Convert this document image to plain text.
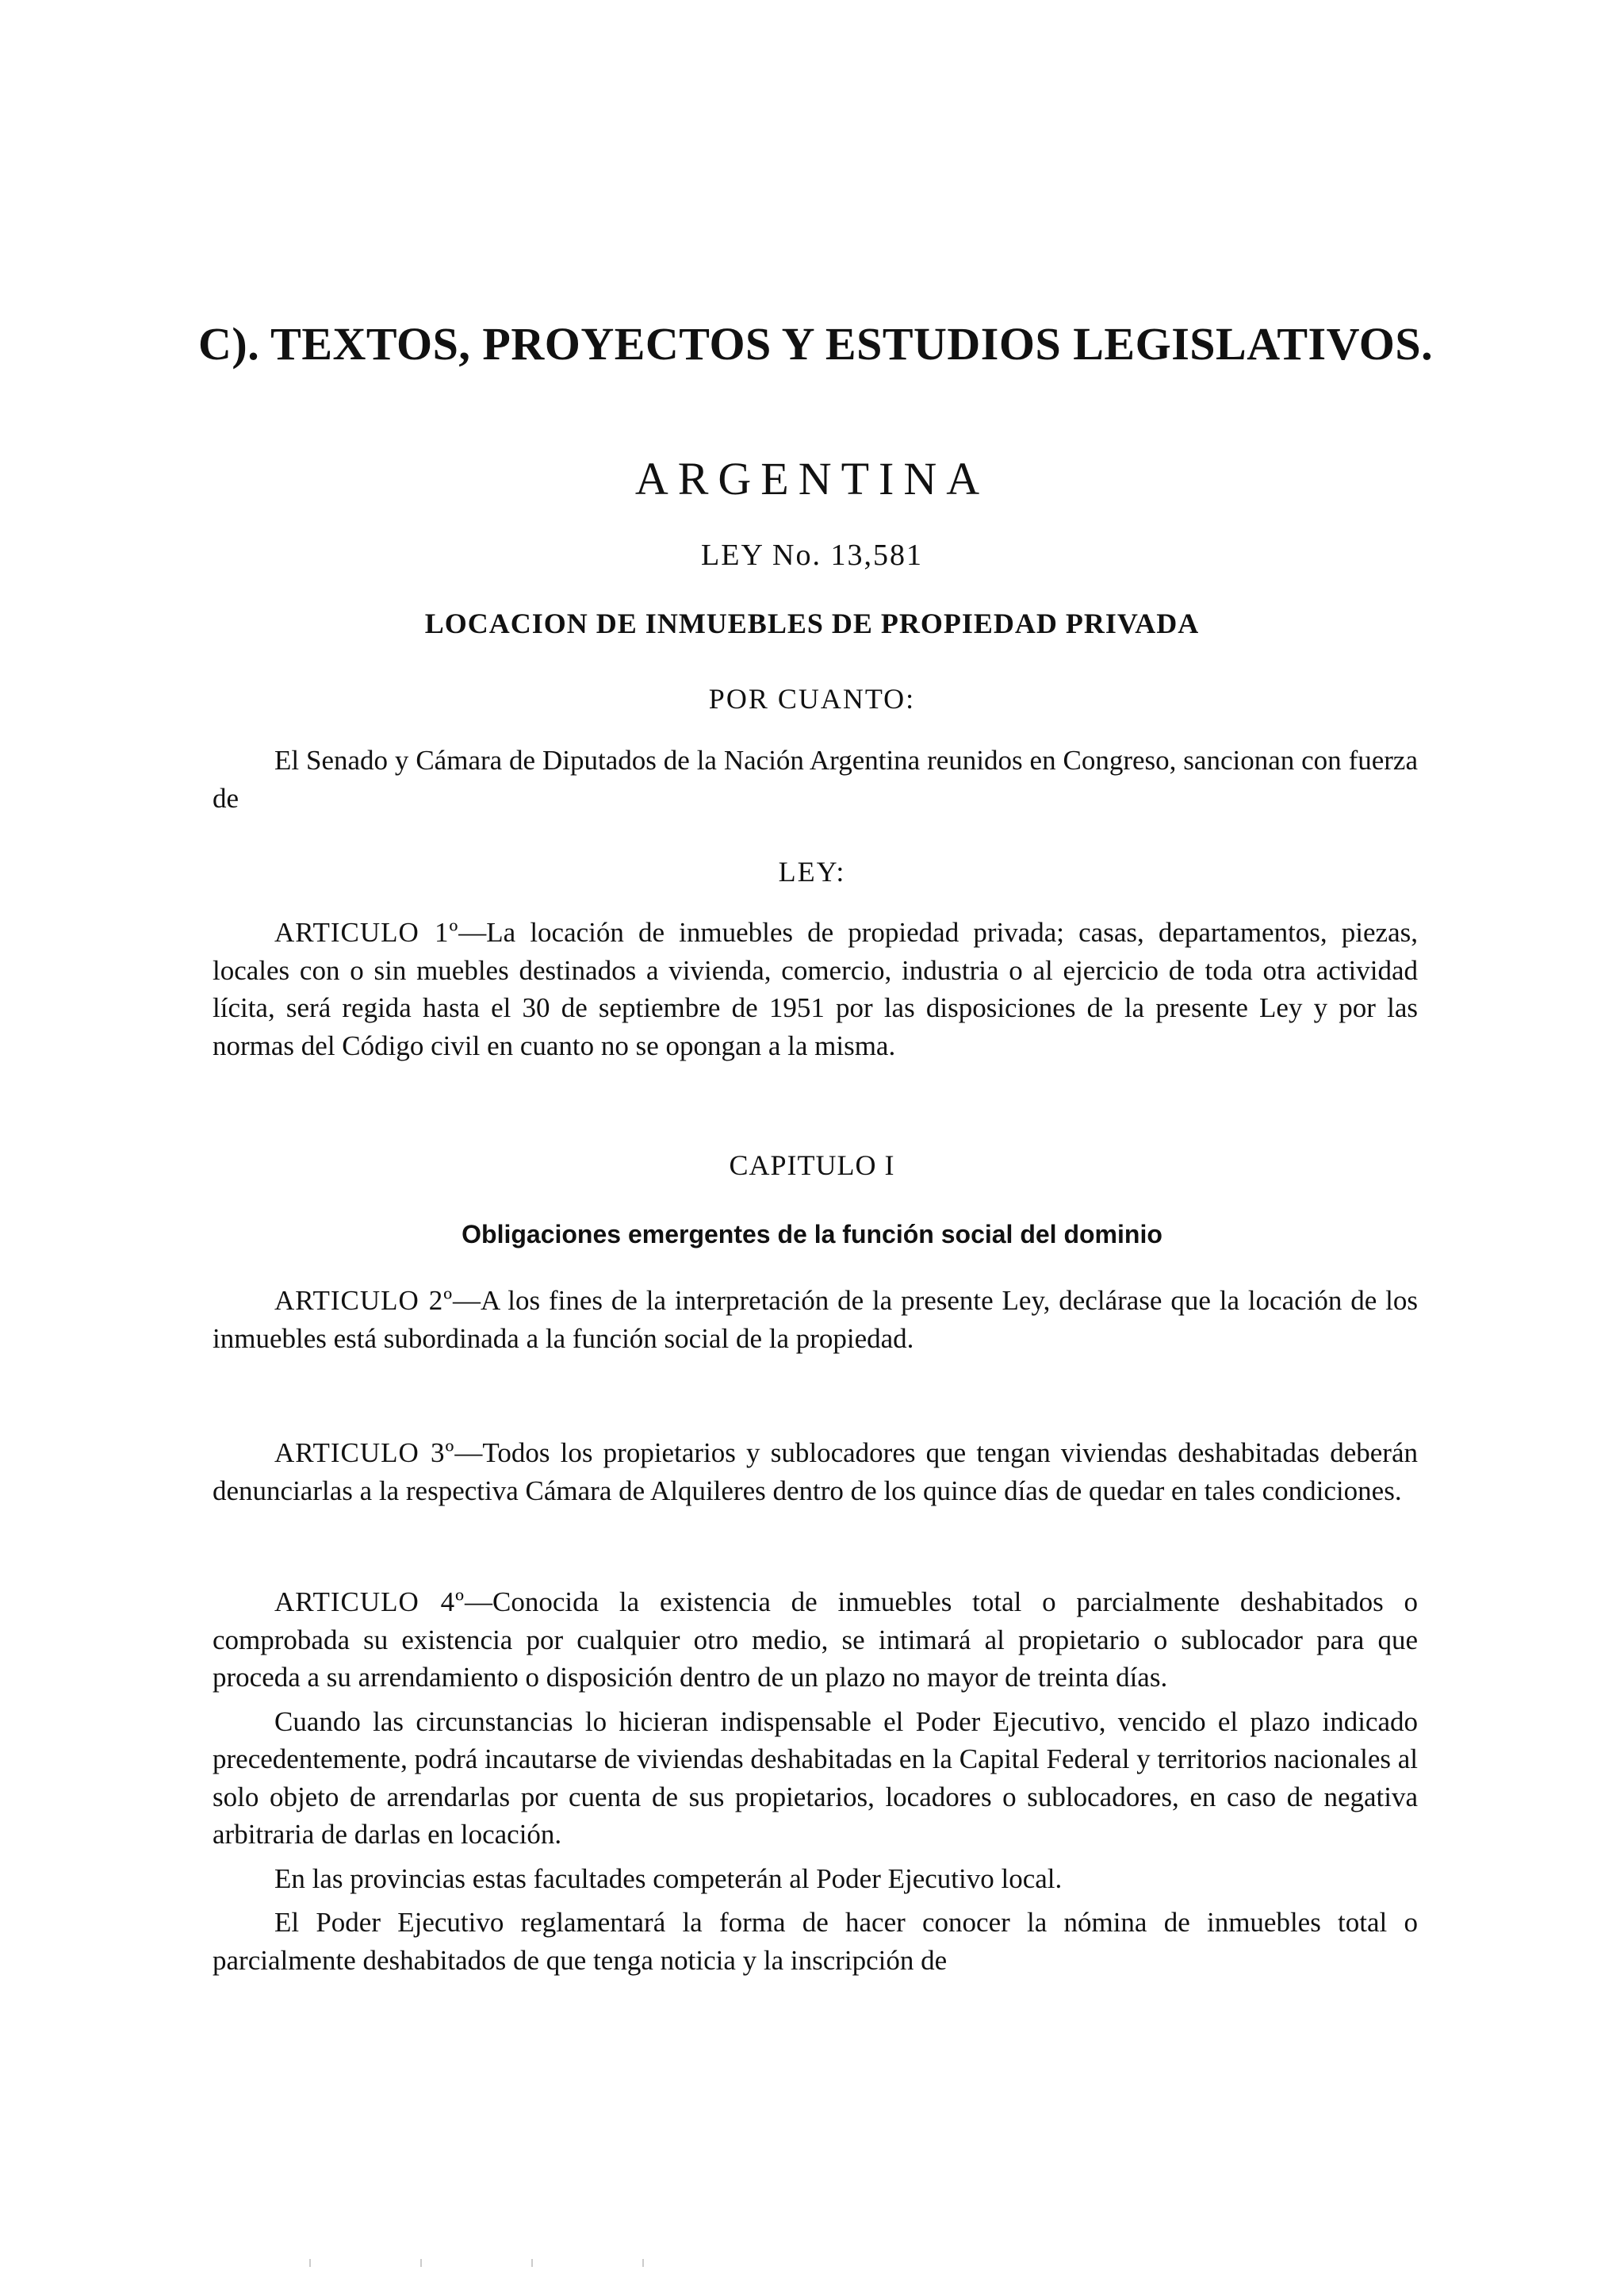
C). TEXTOS, PROYECTOS Y ESTUDIOS LEGISLATIVOS.
ARGENTINA
LEY No. 13,581
LOCACION DE INMUEBLES DE PROPIEDAD PRIVADA
POR CUANTO:

El Senado y Cámara de Diputados de la Nación Argentina reunidos en Congreso, sancionan con fuerza de

LEY:

ARTICULO 1º—La locación de inmuebles de propiedad privada; casas, departamentos, piezas, locales con o sin muebles destinados a vivienda, comercio, industria o al ejercicio de toda otra actividad lícita, será regida hasta el 30 de septiembre de 1951 por las disposiciones de la presente Ley y por las normas del Código civil en cuanto no se opongan a la misma.

CAPITULO I
Obligaciones emergentes de la función social del dominio

ARTICULO 2º—A los fines de la interpretación de la presente Ley, declárase que la locación de los inmuebles está subordinada a la función social de la propiedad.

ARTICULO 3º—Todos los propietarios y sublocadores que tengan viviendas deshabitadas deberán denunciarlas a la respectiva Cámara de Alquileres dentro de los quince días de quedar en tales condiciones.

ARTICULO 4º—Conocida la existencia de inmuebles total o parcialmente deshabitados o comprobada su existencia por cualquier otro medio, se intimará al propietario o sublocador para que proceda a su arrendamiento o disposición dentro de un plazo no mayor de treinta días.

Cuando las circunstancias lo hicieran indispensable el Poder Ejecutivo, vencido el plazo indicado precedentemente, podrá incautarse de viviendas deshabitadas en la Capital Federal y territorios nacionales al solo objeto de arrendarlas por cuenta de sus propietarios, locadores o sublocadores, en caso de negativa arbitraria de darlas en locación.

En las provincias estas facultades competerán al Poder Ejecutivo local.

El Poder Ejecutivo reglamentará la forma de hacer conocer la nómina de inmuebles total o parcialmente deshabitados de que tenga noticia y la inscripción de
